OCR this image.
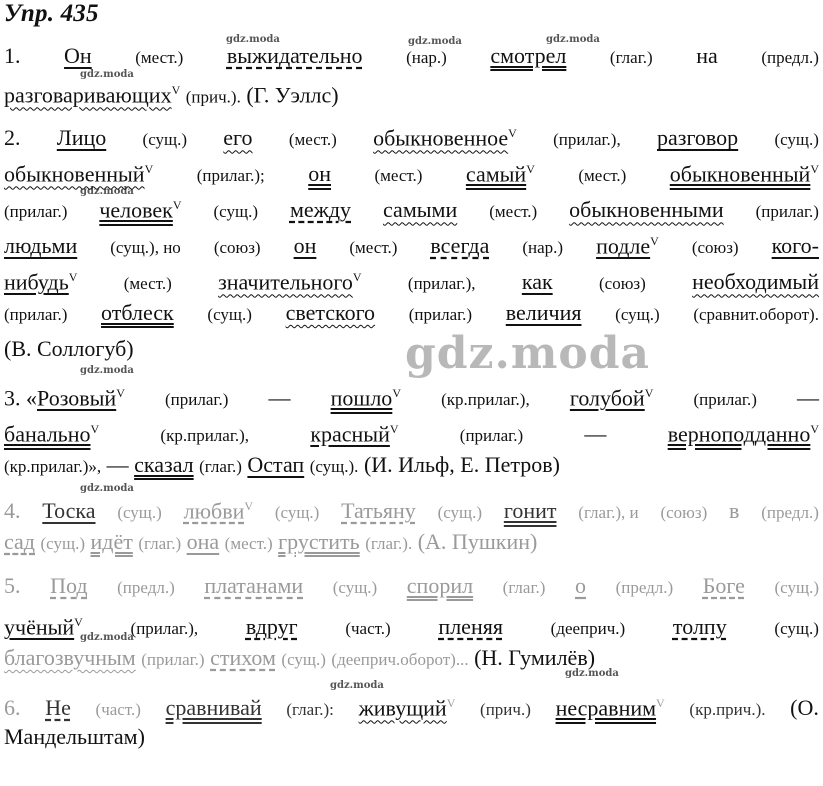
Упр. 435
gdz.moda
gdz.moda	gdz.moda	gdz.moda
gdz.moda
gdz.moda
gdz.moda
gdz.moda
gdz.moda
gdz.moda
gdz.moda
1. Он	(мест.) выжидательно	(нар.) смотрел	(глаг.) на	(предл.)
разговаривающих$^V$ (прич.). (Г. Уэллс)
2. Лицо (сущ.) его (мест.) обыкновенное$^V$ (прилаг.), разговор (сущ.)
обыкновенный$^V$	(прилаг.); он	(мест.) самый$^V$	(мест.) обыкновенный$^V$
(прилаг.) человек$^V$ (сущ.) между самыми (мест.) обыкновенными (прилаг.)
людьми (сущ.), но (союз) он (мест.) всегда (нар.) подле$^V$ (союз) кого-
нибудь$^V$	(мест.) значительного$^V$	(прилаг.), как	(союз) необходимый
(прилаг.) отблеск (сущ.) светского (прилаг.) величия (сущ.) (сравнит.оборот).
(В. Соллогуб)
3. «Розовый$^V$ (прилаг.) — пошло$^V$ (кр.прилаг.), голубой$^V$ (прилаг.) —
банально$^V$	(кр.прилаг.),	красный$^V$	(прилаг.)	—	верноподданно$^V$
(кр.прилаг.)», — сказал (глаг.) Остап (сущ.). (И. Ильф, Е. Петров)
4. Тоска (сущ.) любви$^V$ (сущ.) Татьяну (сущ.) гонит (глаг.), и (союз) в (предл.)
сад (сущ.) идёт (глаг.) она (мест.) грустить (глаг.). (А. Пушкин)
5. Под (предл.) платанами (сущ.) спорил (глаг.) о (предл.) Боге (сущ.)
учёный$^V$	(прилаг.), вдруг	(част.) пленяя	(дееприч.) толпу	(сущ.)
благозвучным (прилаг.) стихом (сущ.) (дееприч.оборот)... (Н. Гумилёв)
6. Не (част.) сравнивай (глаг.): живущий$^V$ (прич.) несравним$^V$ (кр.прич.). (О.
Мандельштам)
